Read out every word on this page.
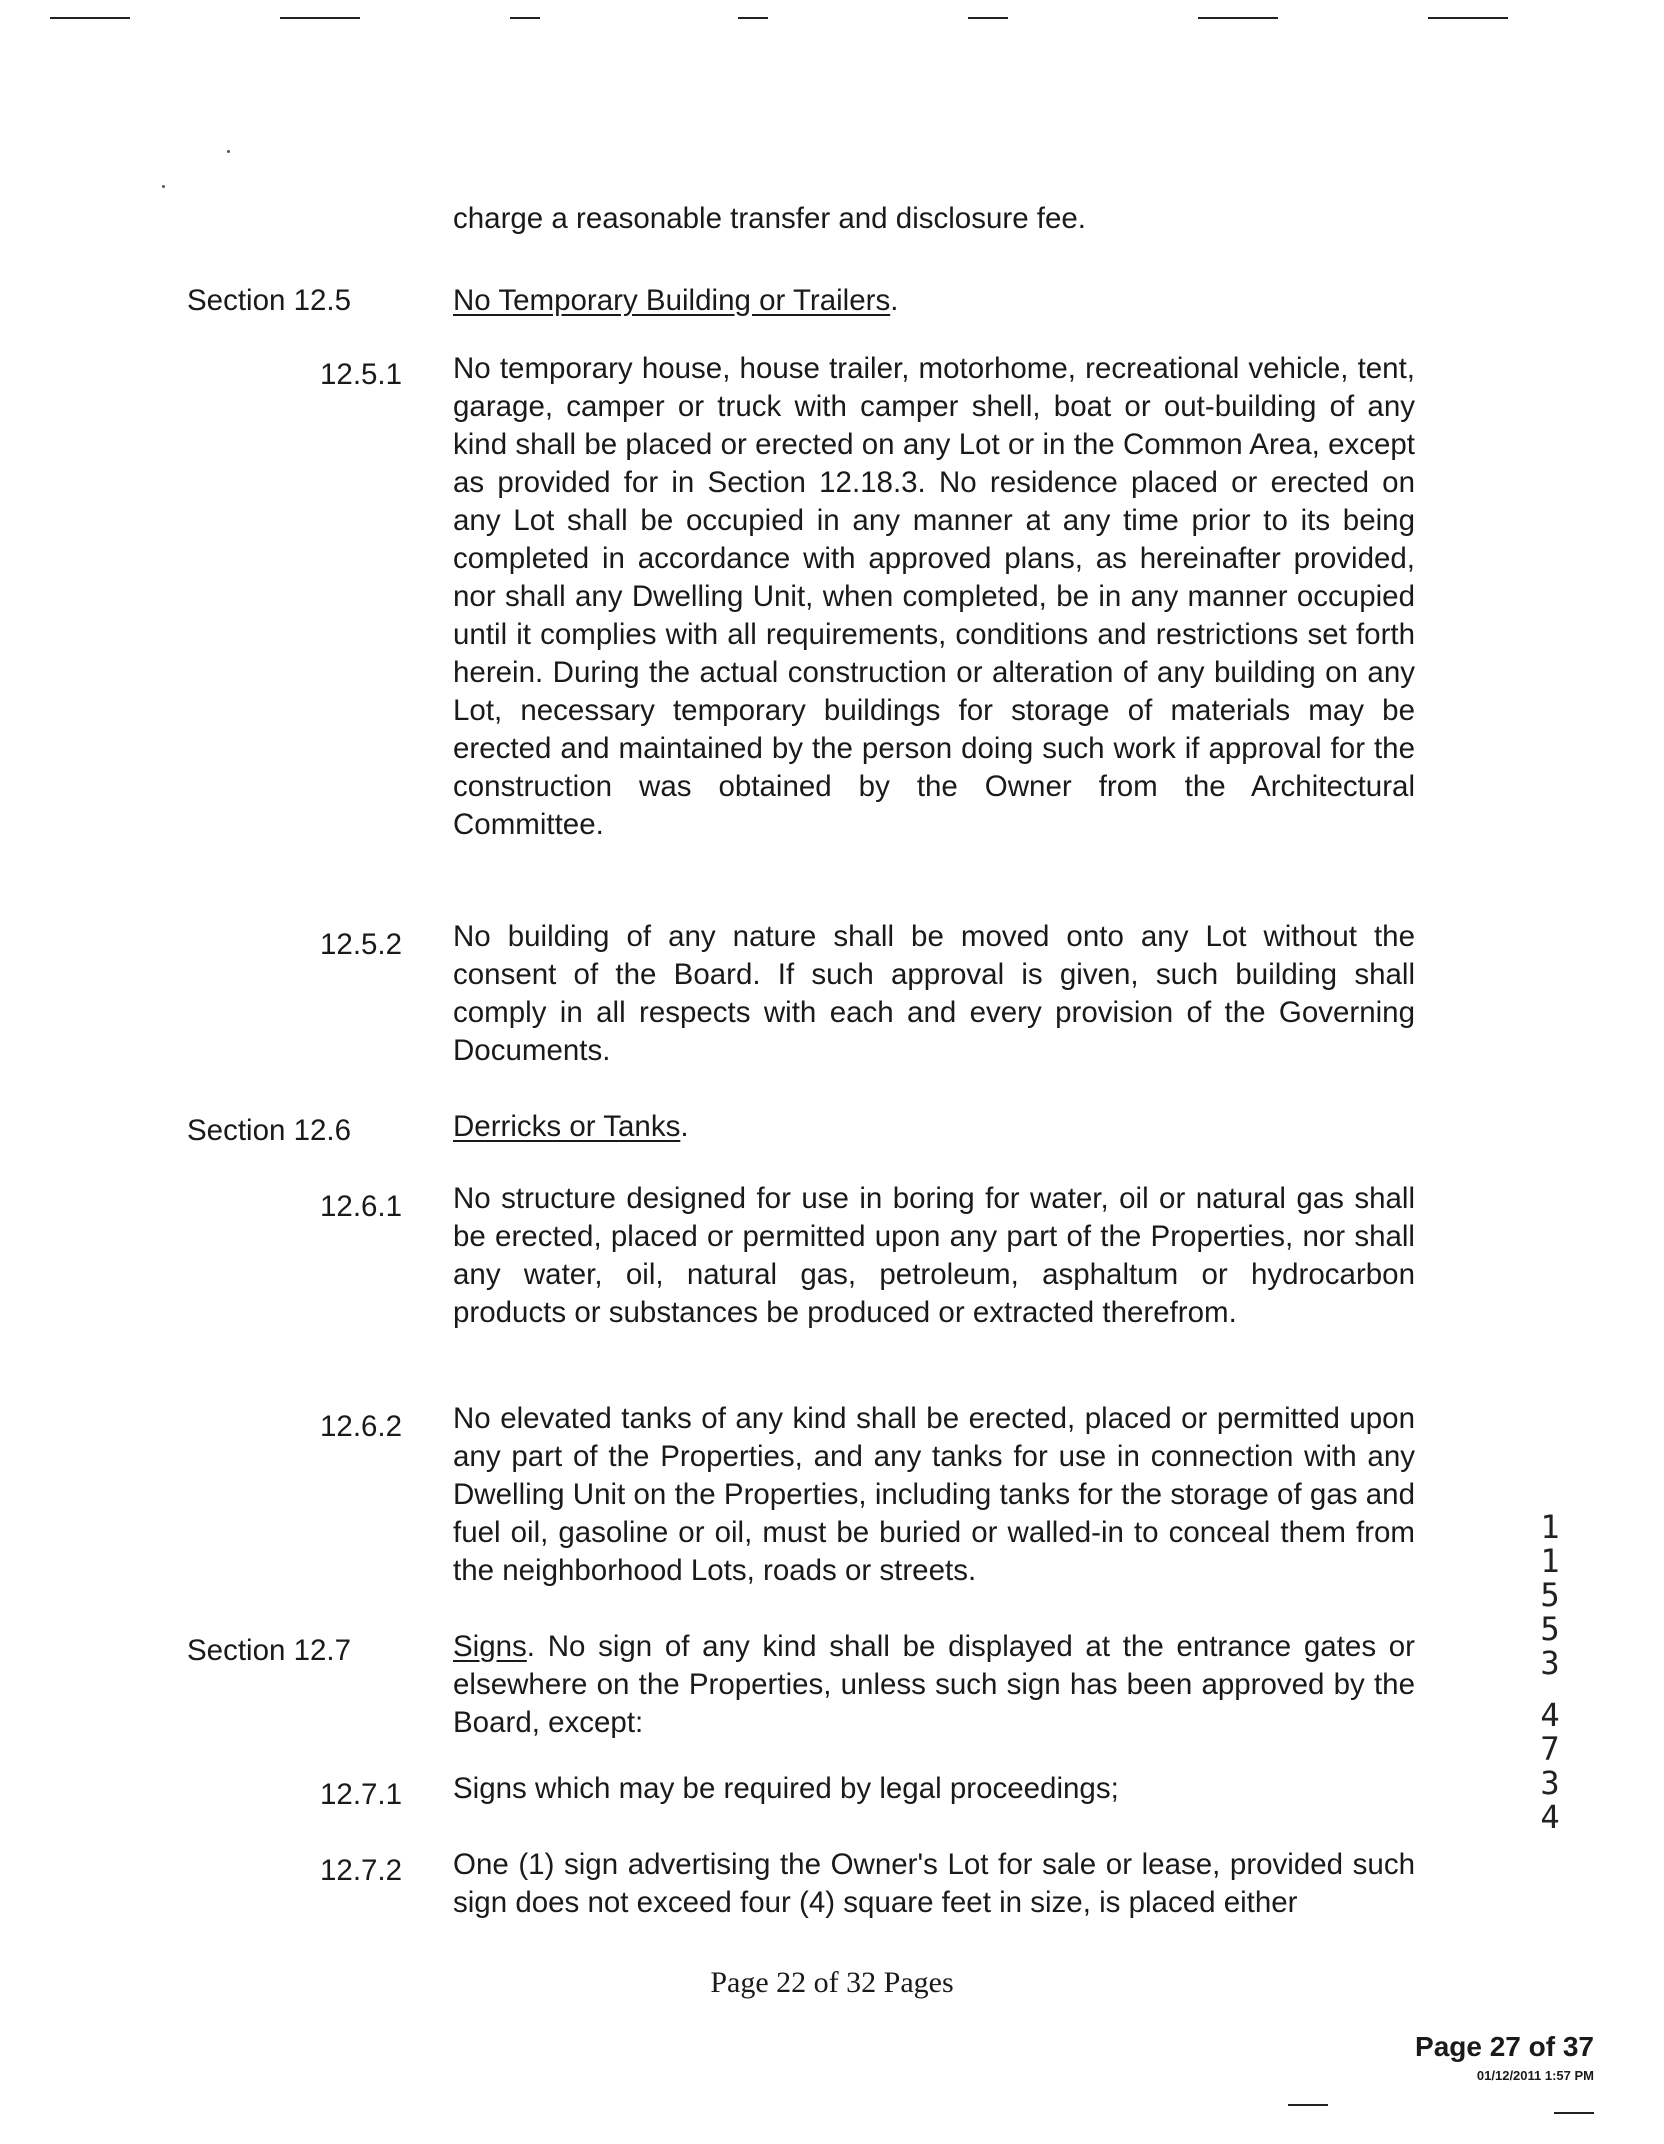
charge a reasonable transfer and disclosure fee.

Section 12.5	No Temporary Building or Trailers.
12.5.1 No temporary house, house trailer, motorhome, recreational vehicle, tent, garage, camper or truck with camper shell, boat or out-building of any kind shall be placed or erected on any Lot or in the Common Area, except as provided for in Section 12.18.3. No residence placed or erected on any Lot shall be occupied in any manner at any time prior to its being completed in accordance with approved plans, as hereinafter provided, nor shall any Dwelling Unit, when completed, be in any manner occupied until it complies with all requirements, conditions and restrictions set forth herein. During the actual construction or alteration of any building on any Lot, necessary temporary buildings for storage of materials may be erected and maintained by the person doing such work if approval for the construction was obtained by the Owner from the Architectural Committee.

12.5.2 No building of any nature shall be moved onto any Lot without the consent of the Board. If such approval is given, such building shall comply in all respects with each and every provision of the Governing Documents.

Section 12.6	Derricks or Tanks.
12.6.1 No structure designed for use in boring for water, oil or natural gas shall be erected, placed or permitted upon any part of the Properties, nor shall any water, oil, natural gas, petroleum, asphaltum or hydrocarbon products or substances be produced or extracted therefrom.

12.6.2 No elevated tanks of any kind shall be erected, placed or permitted upon any part of the Properties, and any tanks for use in connection with any Dwelling Unit on the Properties, including tanks for the storage of gas and fuel oil, gasoline or oil, must be buried or walled-in to conceal them from the neighborhood Lots, roads or streets.

Section 12.7	Signs. No sign of any kind shall be displayed at the entrance gates or elsewhere on the Properties, unless such sign has been approved by the Board, except:

12.7.1 Signs which may be required by legal proceedings;

12.7.2 One (1) sign advertising the Owner's Lot for sale or lease, provided such sign does not exceed four (4) square feet in size, is placed either

1
1
5
5
3
4
7
3
4
Page 22 of 32 Pages
Page 27 of 37
01/12/2011 1:57 PM
